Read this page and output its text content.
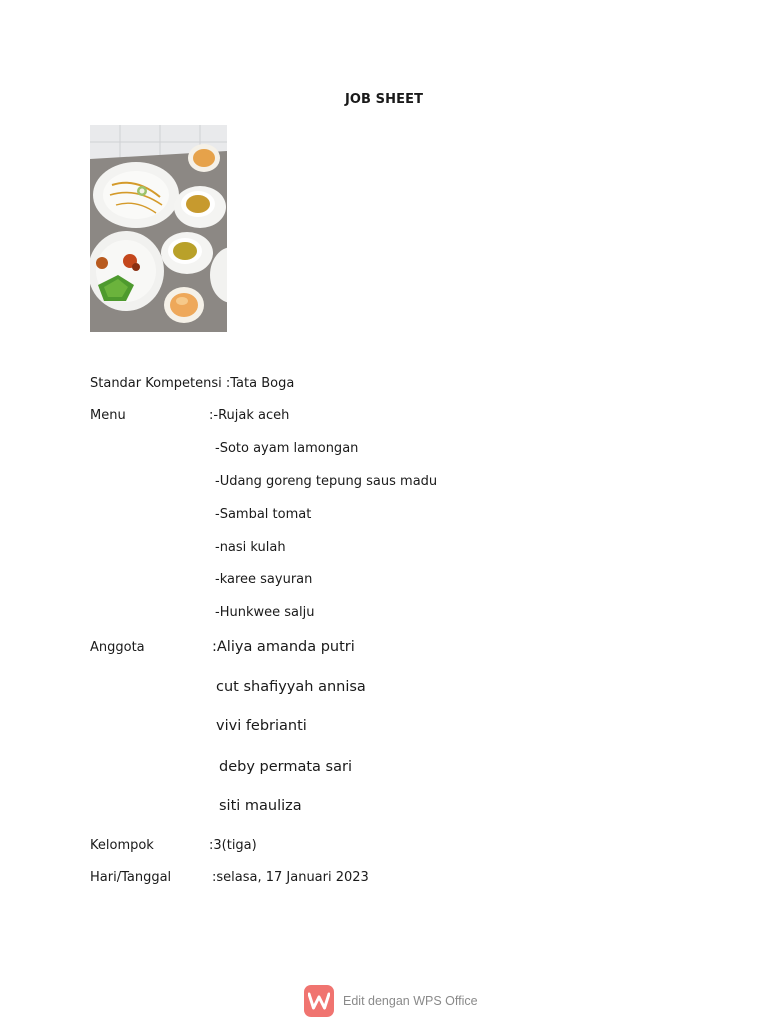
JOB SHEET
Standar Kompetensi :Tata Boga
Menu	:-Rujak aceh
-Soto ayam lamongan
-Udang goreng tepung saus madu
-Sambal tomat
-nasi kulah
-karee sayuran
-Hunkwee salju
Anggota	:Aliya amanda putri
cut shafiyyah annisa
vivi febrianti
deby permata sari
siti mauliza
Kelompok	:3(tiga)
Hari/Tanggal	:selasa, 17 Januari 2023
Edit dengan WPS Office
